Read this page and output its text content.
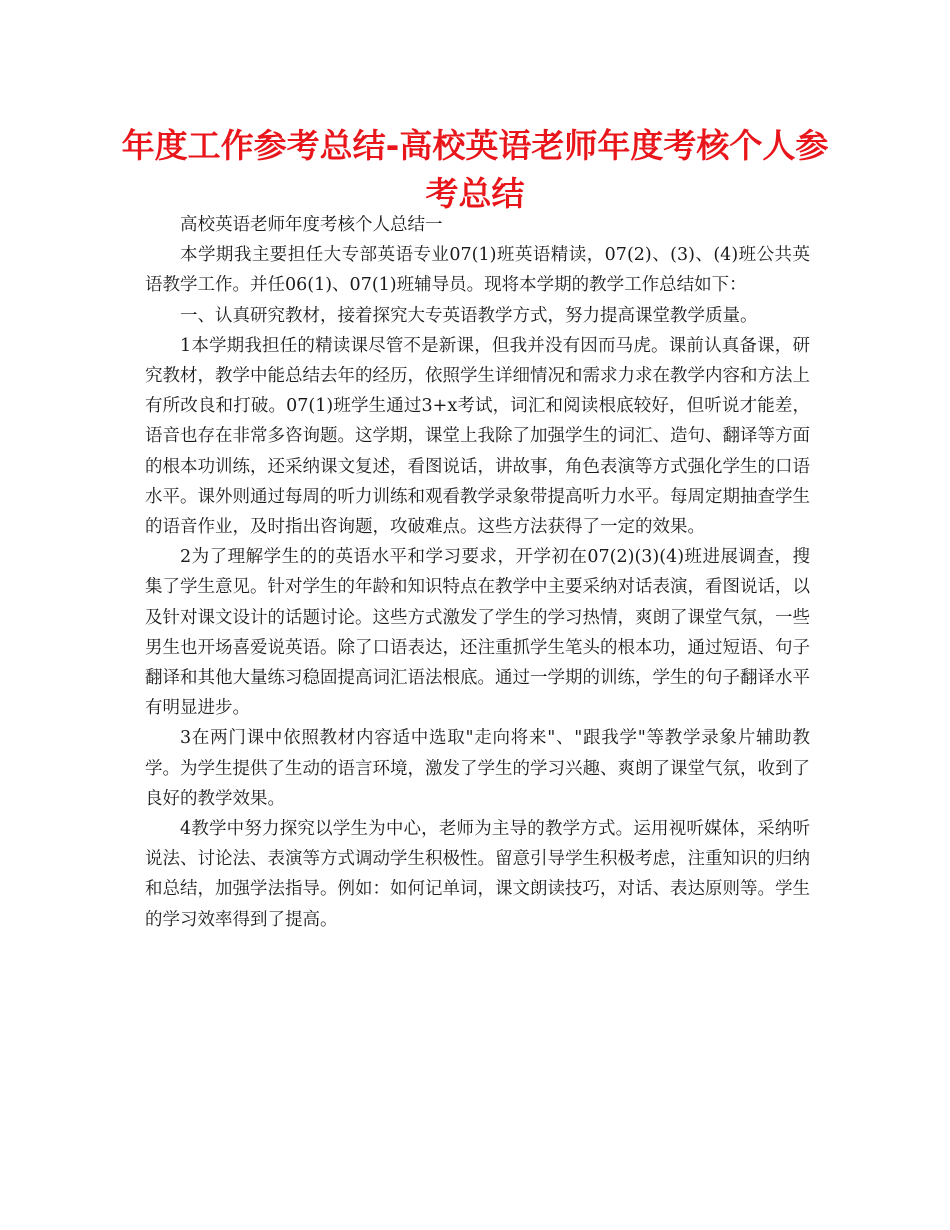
年度工作参考总结-高校英语老师年度考核个人参考总结

高校英语老师年度考核个人总结一

本学期我主要担任大专部英语专业07(1)班英语精读，07(2)、(3)、(4)班公共英语教学工作。并任06(1)、07(1)班辅导员。现将本学期的教学工作总结如下：

一、认真研究教材，接着探究大专英语教学方式，努力提高课堂教学质量。

1本学期我担任的精读课尽管不是新课，但我并没有因而马虎。课前认真备课，研究教材，教学中能总结去年的经历，依照学生详细情况和需求力求在教学内容和方法上有所改良和打破。07(1)班学生通过3+x考试，词汇和阅读根底较好，但听说才能差，语音也存在非常多咨询题。这学期，课堂上我除了加强学生的词汇、造句、翻译等方面的根本功训练，还采纳课文复述，看图说话，讲故事，角色表演等方式强化学生的口语水平。课外则通过每周的听力训练和观看教学录象带提高听力水平。每周定期抽查学生的语音作业，及时指出咨询题，攻破难点。这些方法获得了一定的效果。

2为了理解学生的的英语水平和学习要求，开学初在07(2)(3)(4)班进展调查，搜集了学生意见。针对学生的年龄和知识特点在教学中主要采纳对话表演，看图说话，以及针对课文设计的话题讨论。这些方式激发了学生的学习热情，爽朗了课堂气氛，一些男生也开场喜爱说英语。除了口语表达，还注重抓学生笔头的根本功，通过短语、句子翻译和其他大量练习稳固提高词汇语法根底。通过一学期的训练，学生的句子翻译水平有明显进步。

3在两门课中依照教材内容适中选取"走向将来"、"跟我学"等教学录象片辅助教学。为学生提供了生动的语言环境，激发了学生的学习兴趣、爽朗了课堂气氛，收到了良好的教学效果。

4教学中努力探究以学生为中心，老师为主导的教学方式。运用视听媒体，采纳听说法、讨论法、表演等方式调动学生积极性。留意引导学生积极考虑，注重知识的归纳和总结，加强学法指导。例如：如何记单词，课文朗读技巧，对话、表达原则等。学生的学习效率得到了提高。
